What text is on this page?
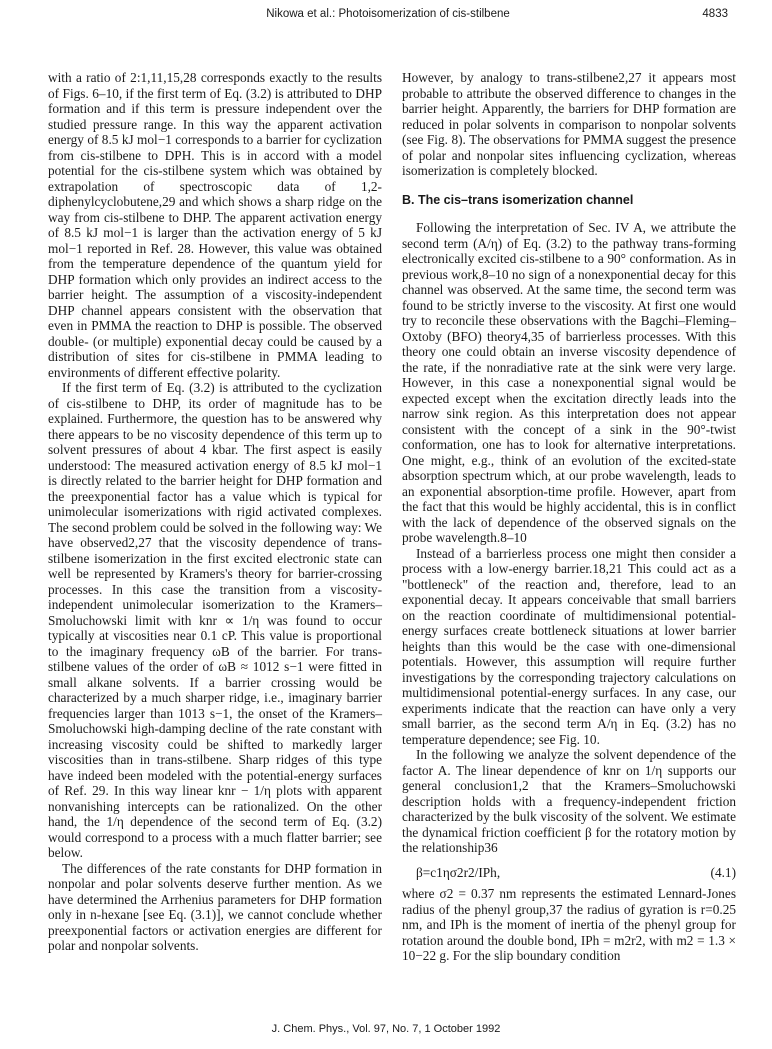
Nikowa et al.: Photoisomerization of cis-stilbene	4833

with a ratio of 2:1,11,15,28 corresponds exactly to the results of Figs. 6–10, if the first term of Eq. (3.2) is attributed to DHP formation and if this term is pressure independent over the studied pressure range. In this way the apparent activation energy of 8.5 kJ mol−1 corresponds to a barrier for cyclization from cis-stilbene to DPH. This is in accord with a model potential for the cis-stilbene system which was obtained by extrapolation of spectroscopic data of 1,2-diphenylcyclobutene,29 and which shows a sharp ridge on the way from cis-stilbene to DHP. The apparent activation energy of 8.5 kJ mol−1 is larger than the activation energy of 5 kJ mol−1 reported in Ref. 28. However, this value was obtained from the temperature dependence of the quantum yield for DHP formation which only provides an indirect access to the barrier height. The assumption of a viscosity-independent DHP channel appears consistent with the observation that even in PMMA the reaction to DHP is possible. The observed double- (or multiple) exponential decay could be caused by a distribution of sites for cis-stilbene in PMMA leading to environments of different effective polarity.

If the first term of Eq. (3.2) is attributed to the cyclization of cis-stilbene to DHP, its order of magnitude has to be explained. Furthermore, the question has to be answered why there appears to be no viscosity dependence of this term up to solvent pressures of about 4 kbar. The first aspect is easily understood: The measured activation energy of 8.5 kJ mol−1 is directly related to the barrier height for DHP formation and the preexponential factor has a value which is typical for unimolecular isomerizations with rigid activated complexes. The second problem could be solved in the following way: We have observed2,27 that the viscosity dependence of trans-stilbene isomerization in the first excited electronic state can well be represented by Kramers's theory for barrier-crossing processes. In this case the transition from a viscosity-independent unimolecular isomerization to the Kramers–Smoluchowski limit with knr ∝ 1/η was found to occur typically at viscosities near 0.1 cP. This value is proportional to the imaginary frequency ωB of the barrier. For trans-stilbene values of the order of ωB ≈ 1012 s−1 were fitted in small alkane solvents. If a barrier crossing would be characterized by a much sharper ridge, i.e., imaginary barrier frequencies larger than 1013 s−1, the onset of the Kramers–Smoluchowski high-damping decline of the rate constant with increasing viscosity could be shifted to markedly larger viscosities than in trans-stilbene. Sharp ridges of this type have indeed been modeled with the potential-energy surfaces of Ref. 29. In this way linear knr − 1/η plots with apparent nonvanishing intercepts can be rationalized. On the other hand, the 1/η dependence of the second term of Eq. (3.2) would correspond to a process with a much flatter barrier; see below.

The differences of the rate constants for DHP formation in nonpolar and polar solvents deserve further mention. As we have determined the Arrhenius parameters for DHP formation only in n-hexane [see Eq. (3.1)], we cannot conclude whether preexponential factors or activation energies are different for polar and nonpolar solvents.

However, by analogy to trans-stilbene2,27 it appears most probable to attribute the observed difference to changes in the barrier height. Apparently, the barriers for DHP formation are reduced in polar solvents in comparison to nonpolar solvents (see Fig. 8). The observations for PMMA suggest the presence of polar and nonpolar sites influencing cyclization, whereas isomerization is completely blocked.

B. The cis–trans isomerization channel

Following the interpretation of Sec. IV A, we attribute the second term (A/η) of Eq. (3.2) to the pathway trans-forming electronically excited cis-stilbene to a 90° conformation. As in previous work,8–10 no sign of a nonexponential decay for this channel was observed. At the same time, the second term was found to be strictly inverse to the viscosity. At first one would try to reconcile these observations with the Bagchi–Fleming–Oxtoby (BFO) theory4,35 of barrierless processes. With this theory one could obtain an inverse viscosity dependence of the rate, if the nonradiative rate at the sink were very large. However, in this case a nonexponential signal would be expected except when the excitation directly leads into the narrow sink region. As this interpretation does not appear consistent with the concept of a sink in the 90°-twist conformation, one has to look for alternative interpretations. One might, e.g., think of an evolution of the excited-state absorption spectrum which, at our probe wavelength, leads to an exponential absorption-time profile. However, apart from the fact that this would be highly accidental, this is in conflict with the lack of dependence of the observed signals on the probe wavelength.8–10

Instead of a barrierless process one might then consider a process with a low-energy barrier.18,21 This could act as a "bottleneck" of the reaction and, therefore, lead to an exponential decay. It appears conceivable that small barriers on the reaction coordinate of multidimensional potential-energy surfaces create bottleneck situations at lower barrier heights than this would be the case with one-dimensional potentials. However, this assumption will require further investigations by the corresponding trajectory calculations on multidimensional potential-energy surfaces. In any case, our experiments indicate that the reaction can have only a very small barrier, as the second term A/η in Eq. (3.2) has no temperature dependence; see Fig. 10.

In the following we analyze the solvent dependence of the factor A. The linear dependence of knr on 1/η supports our general conclusion1,2 that the Kramers–Smoluchowski description holds with a frequency-independent friction characterized by the bulk viscosity of the solvent. We estimate the dynamical friction coefficient β for the rotatory motion by the relationship36

β=c1ησ2r2/IPh,	(4.1)

where σ2 = 0.37 nm represents the estimated Lennard-Jones radius of the phenyl group,37 the radius of gyration is r=0.25 nm, and IPh is the moment of inertia of the phenyl group for rotation around the double bond, IPh = m2r2, with m2 = 1.3 × 10−22 g. For the slip boundary condition

J. Chem. Phys., Vol. 97, No. 7, 1 October 1992
